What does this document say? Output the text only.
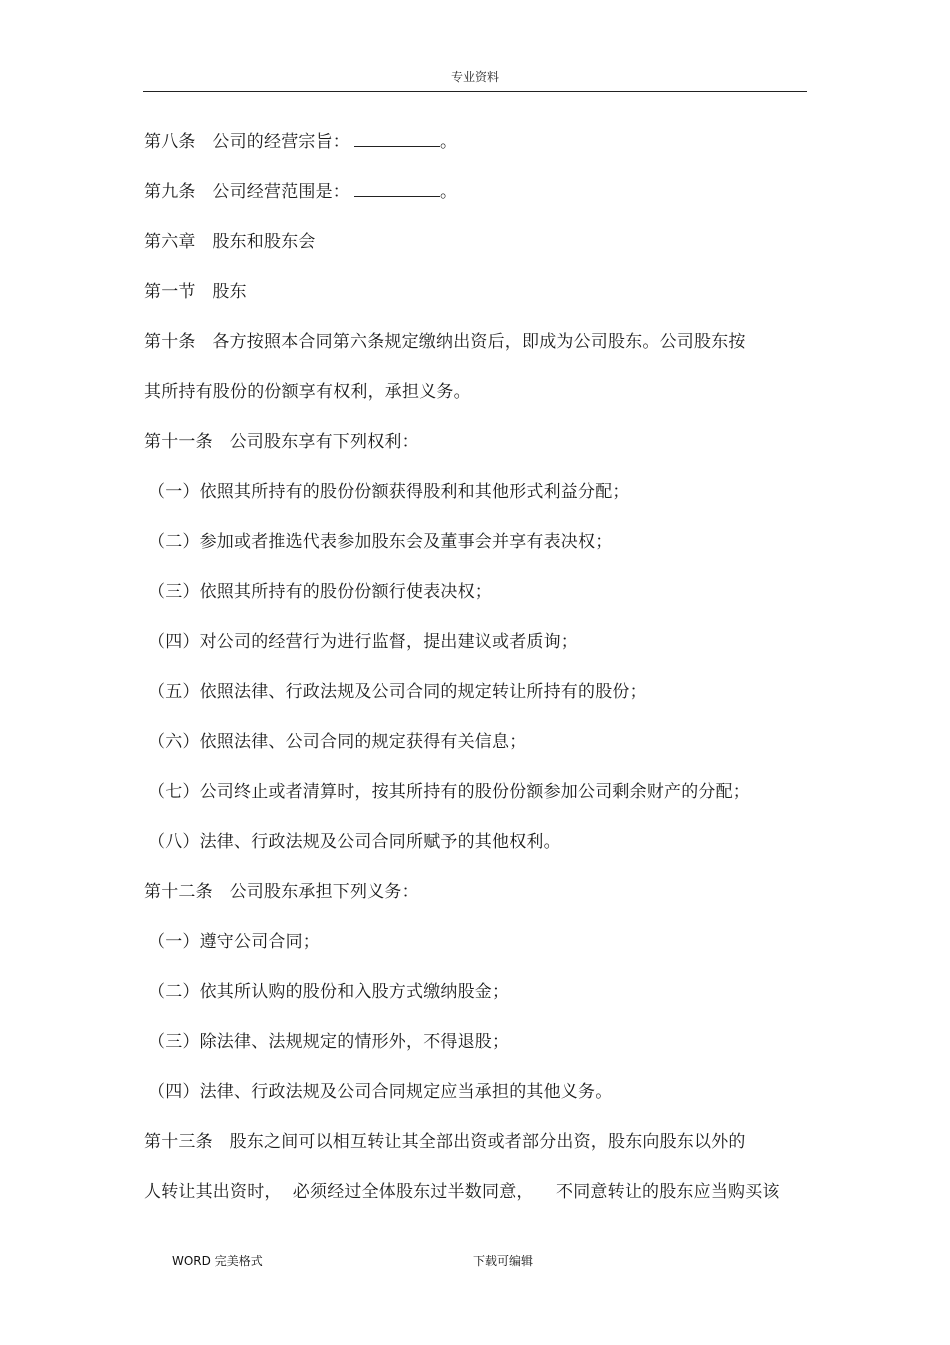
专业资料
第八条   公司的经营宗旨：	。
第九条   公司经营范围是：	。
第六章   股东和股东会
第一节   股东
第十条   各方按照本合同第六条规定缴纳出资后，即成为公司股东。公司股东按
其所持有股份的份额享有权利，承担义务。
第十一条   公司股东享有下列权利：
（一）依照其所持有的股份份额获得股利和其他形式利益分配；
（二）参加或者推选代表参加股东会及董事会并享有表决权；
（三）依照其所持有的股份份额行使表决权；
（四）对公司的经营行为进行监督，提出建议或者质询；
（五）依照法律、行政法规及公司合同的规定转让所持有的股份；
（六）依照法律、公司合同的规定获得有关信息；
（七）公司终止或者清算时，按其所持有的股份份额参加公司剩余财产的分配；
（八）法律、行政法规及公司合同所赋予的其他权利。
第十二条   公司股东承担下列义务：
（一）遵守公司合同；
（二）依其所认购的股份和入股方式缴纳股金；
（三）除法律、法规规定的情形外，不得退股；
（四）法律、行政法规及公司合同规定应当承担的其他义务。
第十三条   股东之间可以相互转让其全部出资或者部分出资，股东向股东以外的
人转让其出资时，  必须经过全体股东过半数同意，    不同意转让的股东应当购买该
WORD 完美格式	下载可编辑
